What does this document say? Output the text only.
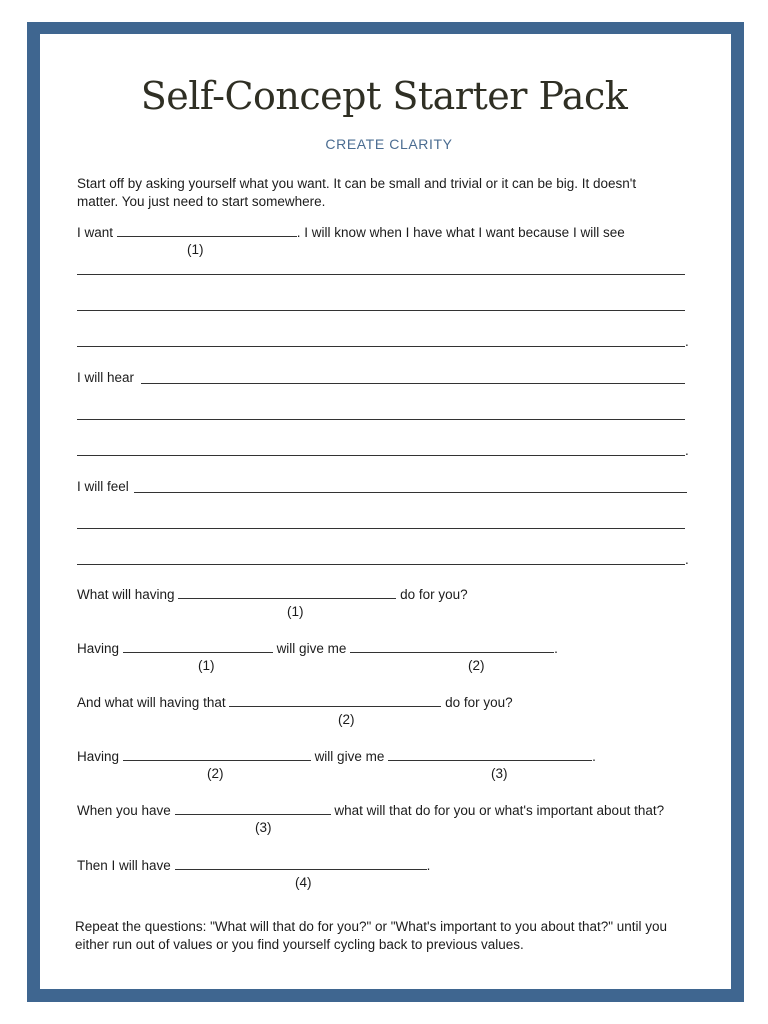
Self-Concept Starter Pack
CREATE CLARITY
Start off by asking yourself what you want. It can be small and trivial or it can be big. It doesn't matter. You just need to start somewhere.
I want	. I will know when I have what I want because I will see
(1)
.
I will hear
.
I will feel
.
What will having	do for you?
(1)
Having	will give me	.
(1)	(2)
And what will having that	do for you?
(2)
Having	will give me	.
(2)	(3)
When you have	what will that do for you or what's important about that?
(3)
Then I will have	.
(4)
Repeat the questions: "What will that do for you?" or "What's important to you about that?" until you either run out of values or you find yourself cycling back to previous values.
